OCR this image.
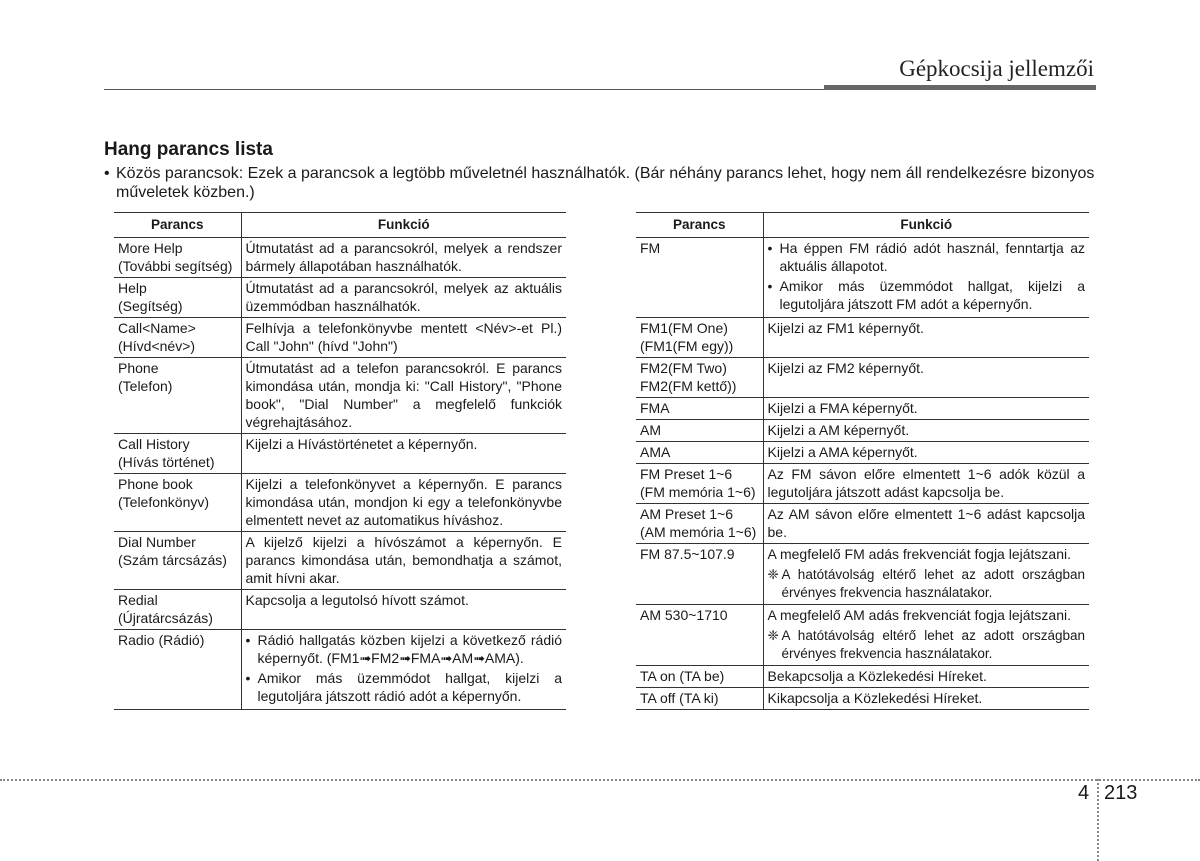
Gépkocsija jellemzői
Hang parancs lista
• Közös parancsok: Ezek a parancsok a legtöbb műveletnél használhatók. (Bár néhány parancs lehet, hogy nem áll rendelkezésre bizonyos műveletek közben.)
Parancs	Funkció

More Help
(További segítség)	Útmutatást ad a parancsokról, melyek a rendszer bármely állapotában használhatók.

Help
(Segítség)	Útmutatást ad a parancsokról, melyek az aktuális üzemmódban használhatók.

Call<Name>
(Hívd<név>)	Felhívja a telefonkönyvbe mentett <Név>-et Pl.) Call "John" (hívd "John")

Phone
(Telefon)	Útmutatást ad a telefon parancsokról. E parancs kimondása után, mondja ki: "Call History", "Phone book", "Dial Number" a megfelelő funkciók végrehajtásához.

Call History
(Hívás történet)	Kijelzi a Hívástörténetet a képernyőn.

Phone book
(Telefonkönyv)	Kijelzi a telefonkönyvet a képernyőn. E parancs kimondása után, mondjon ki egy a telefonkönyvbe elmentett nevet az automatikus híváshoz.

Dial Number
(Szám tárcsázás)	A kijelző kijelzi a hívószámot a képernyőn. E parancs kimondása után, bemondhatja a számot, amit hívni akar.

Redial
(Újratárcsázás)	Kapcsolja a legutolsó hívott számot.

Radio (Rádió)	• Rádió hallgatás közben kijelzi a következő rádió képernyőt. (FM1➟FM2➟FMA➟AM➟AMA).
• Amikor más üzemmódot hallgat, kijelzi a legutoljára játszott rádió adót a képernyőn.
Parancs	Funkció

FM	• Ha éppen FM rádió adót használ, fenntartja az aktuális állapotot.
• Amikor más üzemmódot hallgat, kijelzi a legutoljára játszott FM adót a képernyőn.

FM1(FM One)
(FM1(FM egy))	Kijelzi az FM1 képernyőt.

FM2(FM Two)
FM2(FM kettő))	Kijelzi az FM2 képernyőt.

FMA	Kijelzi a FMA képernyőt.

AM	Kijelzi a AM képernyőt.

AMA	Kijelzi a AMA képernyőt.

FM Preset 1~6
(FM memória 1~6)	Az FM sávon előre elmentett 1~6 adók közül a legutoljára játszott adást kapcsolja be.

AM Preset 1~6
(AM memória 1~6)	Az AM sávon előre elmentett 1~6 adást kapcsolja be.

FM 87.5~107.9	A megfelelő FM adás frekvenciát fogja lejátszani.
❈ A hatótávolság eltérő lehet az adott országban érvényes frekvencia használatakor.

AM 530~1710	A megfelelő AM adás frekvenciát fogja lejátszani.
❈ A hatótávolság eltérő lehet az adott országban érvényes frekvencia használatakor.

TA on (TA be)	Bekapcsolja a Közlekedési Híreket.

TA off (TA ki)	Kikapcsolja a Közlekedési Híreket.
4 213
